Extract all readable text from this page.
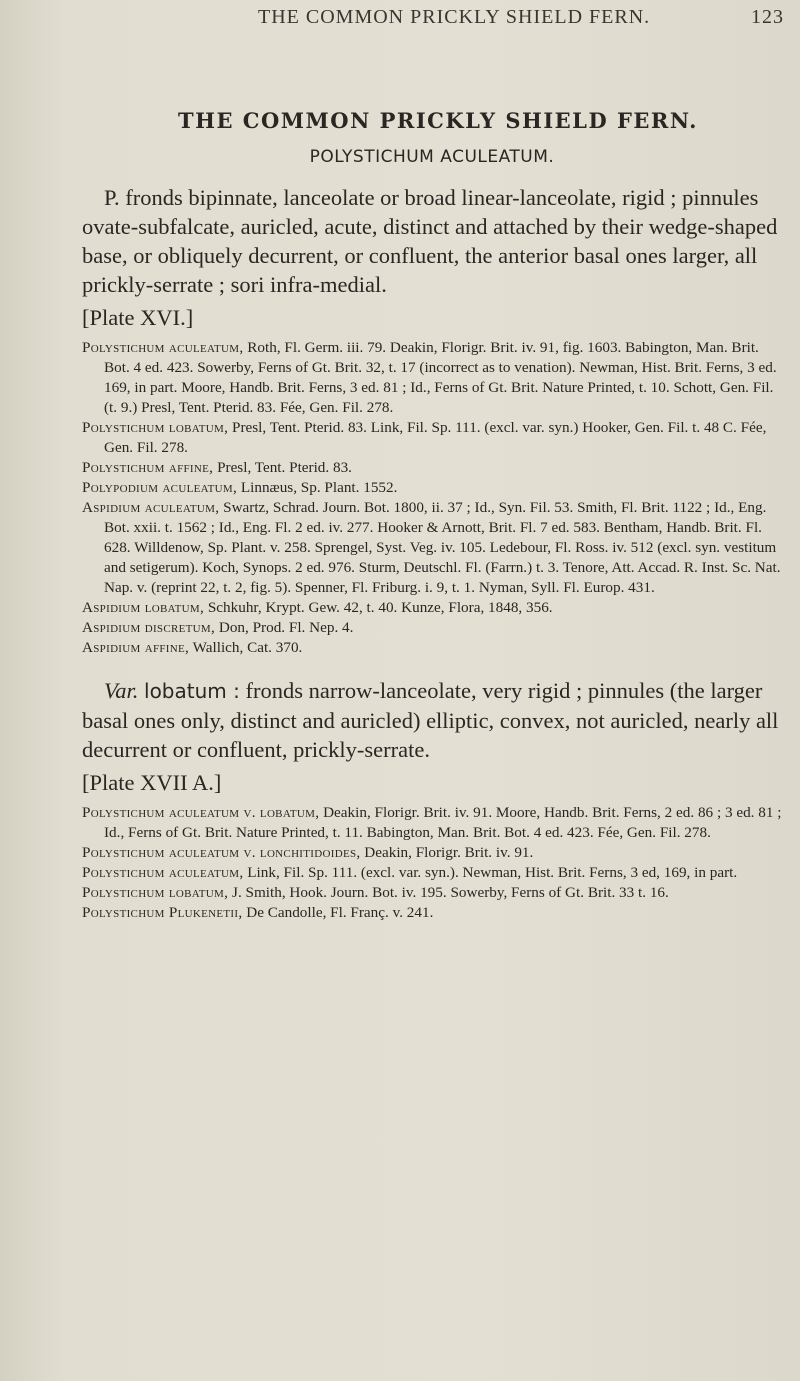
THE COMMON PRICKLY SHIELD FERN.	123
THE COMMON PRICKLY SHIELD FERN.
POLYSTICHUM ACULEATUM.

P. fronds bipinnate, lanceolate or broad linear-lanceolate, rigid ; pinnules ovate-subfalcate, auricled, acute, distinct and attached by their wedge-shaped base, or obliquely decurrent, or confluent, the anterior basal ones larger, all prickly-serrate ; sori infra-medial.

[Plate XVI.]

Polystichum aculeatum, Roth, Fl. Germ. iii. 79. Deakin, Florigr. Brit. iv. 91, fig. 1603. Babington, Man. Brit. Bot. 4 ed. 423. Sowerby, Ferns of Gt. Brit. 32, t. 17 (incorrect as to venation). Newman, Hist. Brit. Ferns, 3 ed. 169, in part. Moore, Handb. Brit. Ferns, 3 ed. 81 ; Id., Ferns of Gt. Brit. Nature Printed, t. 10. Schott, Gen. Fil. (t. 9.) Presl, Tent. Pterid. 83. Fée, Gen. Fil. 278.

Polystichum lobatum, Presl, Tent. Pterid. 83. Link, Fil. Sp. 111. (excl. var. syn.) Hooker, Gen. Fil. t. 48 C. Fée, Gen. Fil. 278.

Polystichum affine, Presl, Tent. Pterid. 83.

Polypodium aculeatum, Linnæus, Sp. Plant. 1552.

Aspidium aculeatum, Swartz, Schrad. Journ. Bot. 1800, ii. 37 ; Id., Syn. Fil. 53. Smith, Fl. Brit. 1122 ; Id., Eng. Bot. xxii. t. 1562 ; Id., Eng. Fl. 2 ed. iv. 277. Hooker & Arnott, Brit. Fl. 7 ed. 583. Bentham, Handb. Brit. Fl. 628. Willdenow, Sp. Plant. v. 258. Sprengel, Syst. Veg. iv. 105. Ledebour, Fl. Ross. iv. 512 (excl. syn. vestitum and setigerum). Koch, Synops. 2 ed. 976. Sturm, Deutschl. Fl. (Farrn.) t. 3. Tenore, Att. Accad. R. Inst. Sc. Nat. Nap. v. (reprint 22, t. 2, fig. 5). Spenner, Fl. Friburg. i. 9, t. 1. Nyman, Syll. Fl. Europ. 431.

Aspidium lobatum, Schkuhr, Krypt. Gew. 42, t. 40. Kunze, Flora, 1848, 356.

Aspidium discretum, Don, Prod. Fl. Nep. 4.

Aspidium affine, Wallich, Cat. 370.

Var. lobatum : fronds narrow-lanceolate, very rigid ; pinnules (the larger basal ones only, distinct and auricled) elliptic, convex, not auricled, nearly all decurrent or confluent, prickly-serrate.

[Plate XVII A.]

Polystichum aculeatum v. lobatum, Deakin, Florigr. Brit. iv. 91. Moore, Handb. Brit. Ferns, 2 ed. 86 ; 3 ed. 81 ; Id., Ferns of Gt. Brit. Nature Printed, t. 11. Babington, Man. Brit. Bot. 4 ed. 423. Fée, Gen. Fil. 278.

Polystichum aculeatum v. lonchitidoides, Deakin, Florigr. Brit. iv. 91.

Polystichum aculeatum, Link, Fil. Sp. 111. (excl. var. syn.). Newman, Hist. Brit. Ferns, 3 ed, 169, in part.

Polystichum lobatum, J. Smith, Hook. Journ. Bot. iv. 195. Sowerby, Ferns of Gt. Brit. 33 t. 16.

Polystichum Plukenetii, De Candolle, Fl. Franç. v. 241.
